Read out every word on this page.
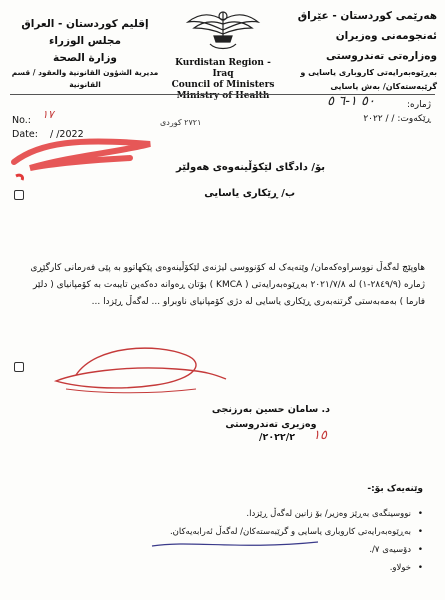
هەرێمی کوردستان - عێراق
ئەنجومەنی وەزیران
وەزارەتی تەندروستی
بەڕێوەبەرایەتی کاروباری یاسایی و گرێبەستەکان/ بەش یاسایی
إقليم كوردستان - العراق
مجلس الوزراء
وزارة الصحة
مديرية الشؤون القانونية والعقود / قسم القانونية
Kurdistan Region - Iraq
Council of Ministers
Ministry of Health
No.:
Date: / /2022
١٧
ژمارە:
ڕێکەوت: / / ٢٠٢٢
٥٠ ١-٦ ٥
٢٧٢١ کوردی
بۆ/ دادگای لێکۆڵینەوەی هەولێر
ب/ ڕێکاری یاسایی
هاوپێچ لەگەڵ نووسراوەکەمان/ وێنەیەک لە کۆنووسی لیژنەی لێکۆڵینەوەی پێکهاتوو بە پێی فەرمانی کارگێڕی ژمارە (٢٨٤٩/٩-١) لە ٢٠٢١/٧/٨ بەڕێوەبەرایەتی ( KMCA ) بۆتان ڕەوانە دەکەین تایبەت بە کۆمپانیای ( دلێر فارما ) بەمەبەستی گرتنەبەری ڕێکاری یاسایی لە دژی کۆمپانیای ناوبراو ... لەگەڵ ڕێزدا ...
د. سامان حسین بەرزنجی
وەزیری تەندروستی
٢٠٢٢/٢/ ١٥
وێنەیەک بۆ:-
• نووسینگەی بەڕێز وەزیر/ بۆ زانین لەگەڵ ڕێزدا.
• بەڕێوەبەرایەتی کاروباری یاسایی و گرێبەستەکان/ لەگەڵ ئەرابەیەکان.
• دۆسیەی ٧/.
• خولاو.
